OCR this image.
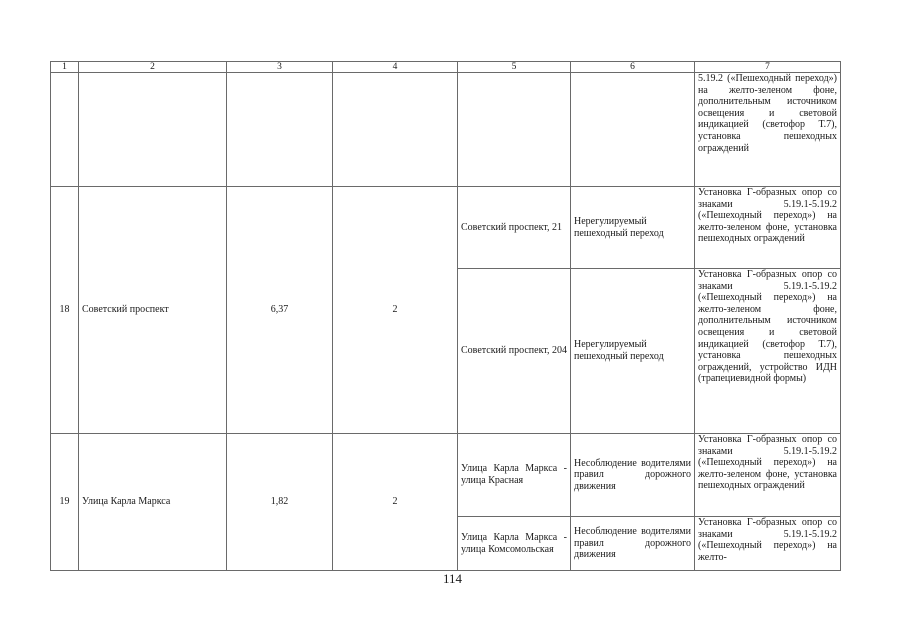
1	2	3	4	5	6	7
						5.19.2 («Пешеходный переход») на желто-зеленом фоне, дополнительным источником освещения и световой индикацией (светофор Т.7), установка пешеходных ограждений
18	Советский проспект	6,37	2	Советский проспект, 21	Нерегулируемый пешеходный переход	Установка Г-образных опор со знаками 5.19.1-5.19.2 («Пешеходный переход») на желто-зеленом фоне, установка пешеходных ограждений
				Советский проспект, 204	Нерегулируемый пешеходный переход	Установка Г-образных опор со знаками 5.19.1-5.19.2 («Пешеходный переход») на желто-зеленом фоне, дополнительным источником освещения и световой индикацией (светофор Т.7), установка пешеходных ограждений, устройство ИДН (трапециевидной формы)
19	Улица Карла Маркса	1,82	2	Улица Карла Маркса - улица Красная	Несоблюдение водителями правил дорожного движения	Установка Г-образных опор со знаками 5.19.1-5.19.2 («Пешеходный переход») на желто-зеленом фоне, установка пешеходных ограждений
				Улица Карла Маркса - улица Комсомольская	Несоблюдение водителями правил дорожного движения	Установка Г-образных опор со знаками 5.19.1-5.19.2 («Пешеходный переход») на желто-
114
